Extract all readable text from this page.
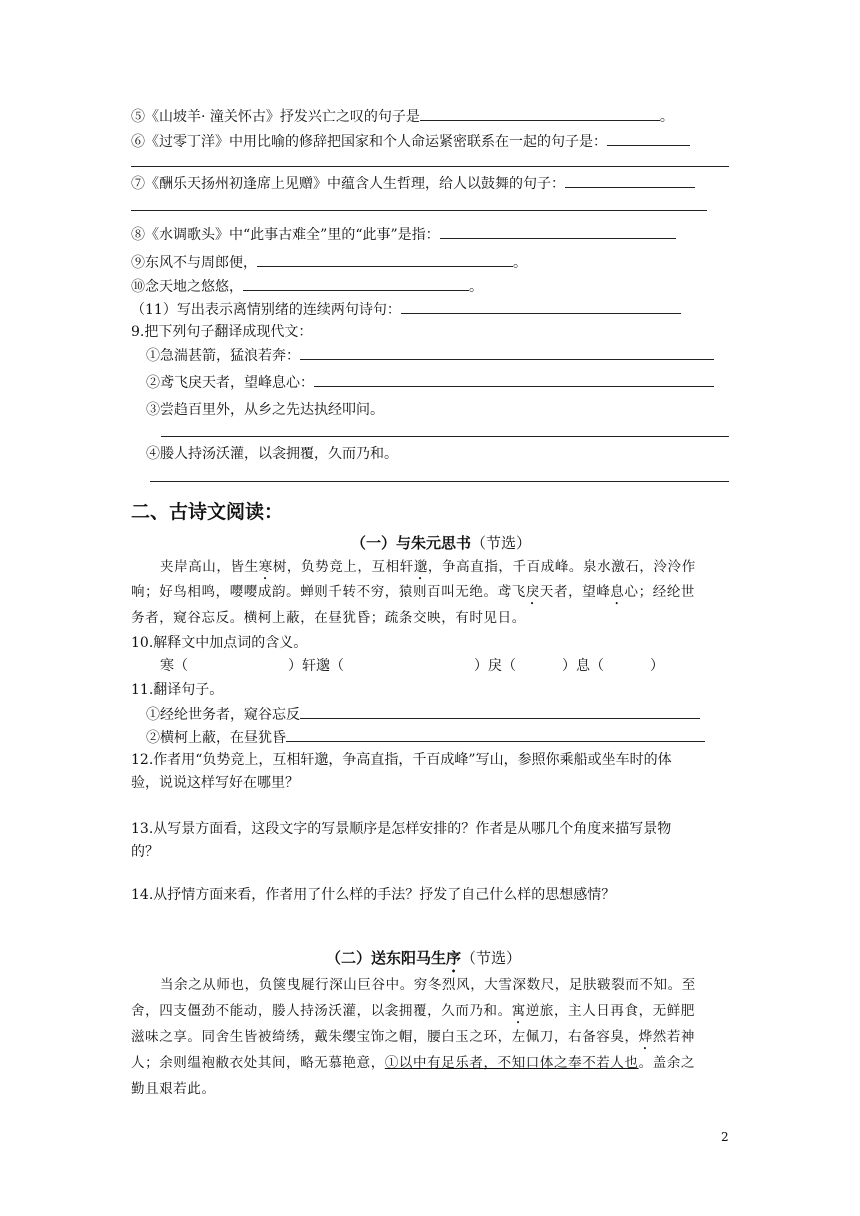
⑤《山坡羊· 潼关怀古》抒发兴亡之叹的句子是	。
⑥《过零丁洋》中用比喻的修辞把国家和个人命运紧密联系在一起的句子是：
⑦《酬乐天扬州初逢席上见赠》中蕴含人生哲理，给人以鼓舞的句子：
⑧《水调歌头》中“此事古难全”里的“此事”是指：
⑨东风不与周郎便，	。
⑩念天地之悠悠，	。
（11）写出表示离情别绪的连续两句诗句：
9.把下列句子翻译成现代文：
①急湍甚箭，猛浪若奔：
②鸢飞戾天者，望峰息心：
③尝趋百里外，从乡之先达执经叩问。
④媵人持汤沃灌，以衾拥覆，久而乃和。
二、古诗文阅读：
（一）与朱元思书（节选）
夹岸高山，皆生寒树，负势竞上，互相轩邈，争高直指，千百成峰。泉水激石，泠泠作
响；好鸟相鸣，嘤嘤成韵。蝉则千转不穷，猿则百叫无绝。鸢飞戾天者，望峰息心；经纶世
务者，窥谷忘反。横柯上蔽，在昼犹昏；疏条交映，有时见日。
10.解释文中加点词的含义。
寒（	）轩邈（	）戾（	）息（	）
11.翻译句子。
①经纶世务者，窥谷忘反
②横柯上蔽，在昼犹昏
12.作者用“负势竞上，互相轩邈，争高直指，千百成峰”写山，参照你乘船或坐车时的体
验，说说这样写好在哪里？
13.从写景方面看，这段文字的写景顺序是怎样安排的？作者是从哪几个角度来描写景物
的？
14.从抒情方面来看，作者用了什么样的手法？抒发了自己什么样的思想感情？
（二）送东阳马生序（节选）
当余之从师也，负箧曳屣行深山巨谷中。穷冬烈风，大雪深数尺，足肤皲裂而不知。至
舍，四支僵劲不能动，媵人持汤沃灌，以衾拥覆，久而乃和。寓逆旅，主人日再食，无鲜肥
滋味之享。同舍生皆被绮绣，戴朱缨宝饰之帽，腰白玉之环，左佩刀，右备容臭，烨然若神
人；余则缊袍敝衣处其间，略无慕艳意，①以中有足乐者，不知口体之奉不若人也。盖余之
勤且艰若此。
2
